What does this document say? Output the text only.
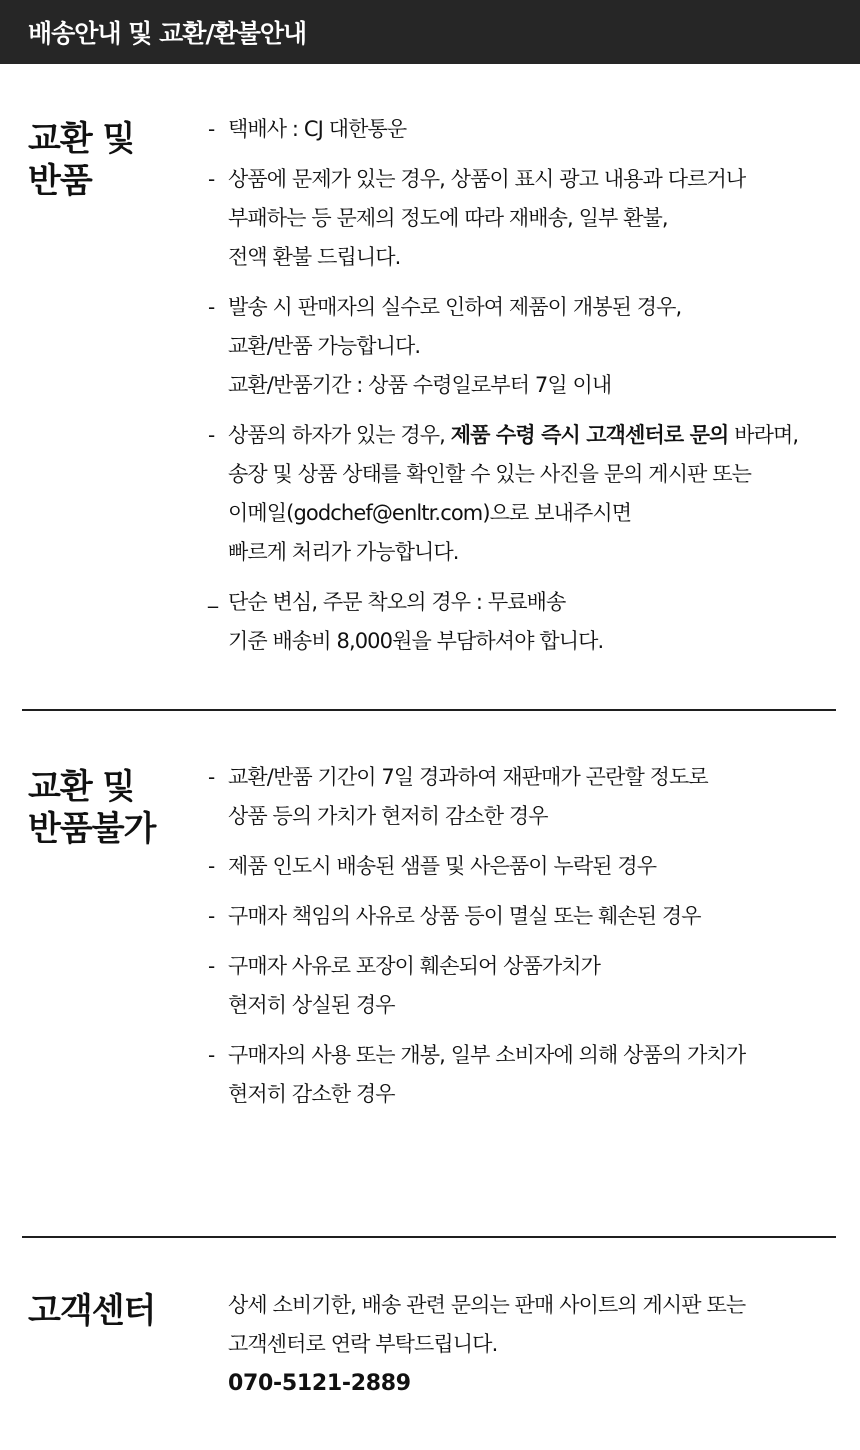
배송안내 및 교환/환불안내
교환 및
반품
- 택배사 : CJ 대한통운
- 상품에 문제가 있는 경우, 상품이 표시 광고 내용과 다르거나
부패하는 등 문제의 정도에 따라 재배송, 일부 환불,
전액 환불 드립니다.
- 발송 시 판매자의 실수로 인하여 제품이 개봉된 경우,
교환/반품 가능합니다.
교환/반품기간 : 상품 수령일로부터 7일 이내
- 상품의 하자가 있는 경우, 제품 수령 즉시 고객센터로 문의 바라며,
송장 및 상품 상태를 확인할 수 있는 사진을 문의 게시판 또는
이메일(godchef@enltr.com)으로 보내주시면
빠르게 처리가 가능합니다.
_ 단순 변심, 주문 착오의 경우 : 무료배송
기준 배송비 8,000원을 부담하셔야 합니다.
교환 및
반품불가
- 교환/반품 기간이 7일 경과하여 재판매가 곤란할 정도로
상품 등의 가치가 현저히 감소한 경우
- 제품 인도시 배송된 샘플 및 사은품이 누락된 경우
- 구매자 책임의 사유로 상품 등이 멸실 또는 훼손된 경우
- 구매자 사유로 포장이 훼손되어 상품가치가
현저히 상실된 경우
- 구매자의 사용 또는 개봉, 일부 소비자에 의해 상품의 가치가
현저히 감소한 경우
고객센터	상세 소비기한, 배송 관련 문의는 판매 사이트의 게시판 또는
고객센터로 연락 부탁드립니다.
070-5121-2889
